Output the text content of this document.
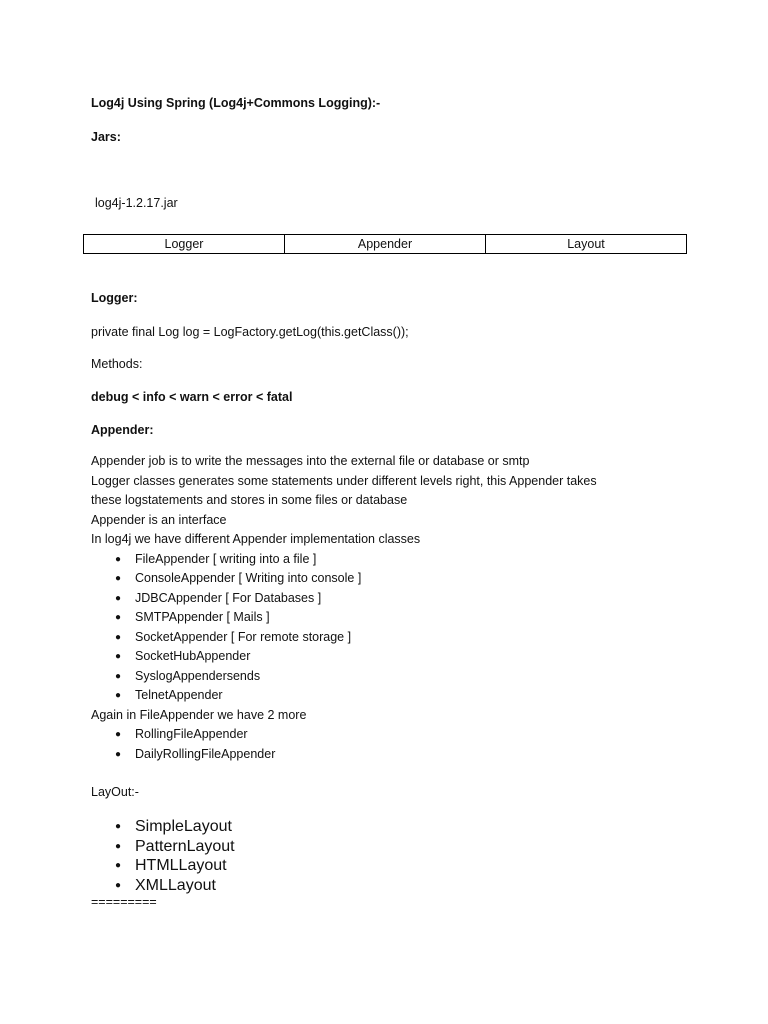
Log4j Using Spring (Log4j+Commons Logging):-
Jars:
log4j-1.2.17.jar
Logger	Appender	Layout
Logger:
private final Log log = LogFactory.getLog(this.getClass());
Methods:
debug < info < warn < error < fatal
Appender:
Appender job is to write the messages into the external file or database or smtp
Logger classes generates some statements under different levels right, this Appender takes
these logstatements and stores in some files or database
Appender is an interface
In log4j we have different Appender implementation classes
● FileAppender [ writing into a file ]
● ConsoleAppender [ Writing into console ]
● JDBCAppender [ For Databases ]
● SMTPAppender [ Mails ]
● SocketAppender [ For remote storage ]
● SocketHubAppender
● SyslogAppendersends
● TelnetAppender
Again in FileAppender we have 2 more
● RollingFileAppender
● DailyRollingFileAppender
LayOut:-
● SimpleLayout
● PatternLayout
● HTMLLayout
● XMLLayout
=========
